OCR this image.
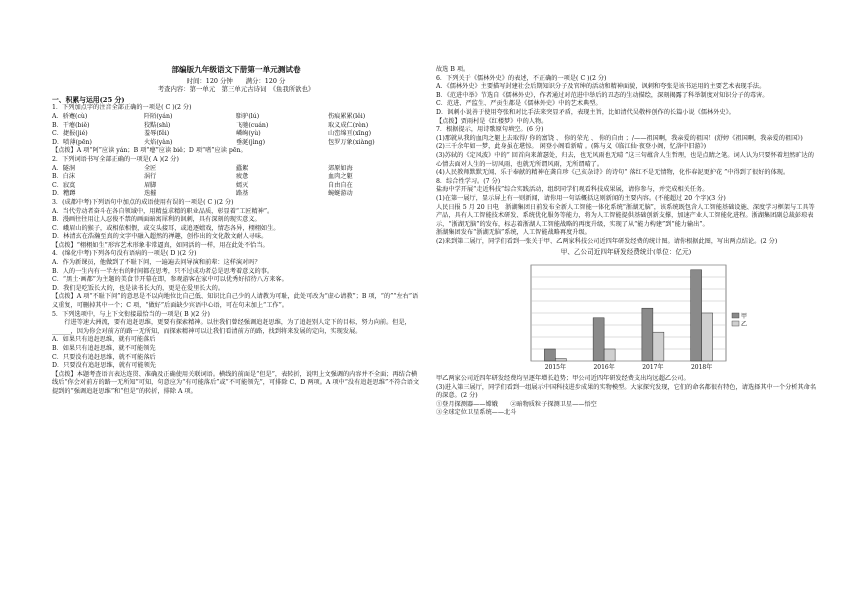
部编版九年级语文下册第一单元测试卷
时间：120 分钟　　满分：120 分
考查内容：第一单元　第三单元古诗词　《鱼我所欲也》
一、积累与运用(25 分)

1．下列加点字的注音全部正确的一项是( C )(2 分)

A．骄蹇(cù)	阡陌(yán)	駏驴(lú)	伤痕累累(lěi)
B．干瘪(biě)	狡黠(shì)	飞驰(cuán)	取义成仁(rèn)
C．捷报(jié)	羞辱(fěi)	嶙峋(yù)	山峦绵亘(xīng)
D．喷薄(pēn)	火焰(yàn)	垂涎(jìng)	包罗万象(xiàng)

【点拨】A 项“阿”应读 yán；B 项“瘪”应读 biě；D 项“嗜”应读 pēn。

2．下列词语书写全部正确的一项是( A )(2 分)

A．隧洞	全匠	蠹絮	郊原如海
B．白沫	涡行	疲惫	血肉之躯
C．寂寞	眉脚	嫣灭	自由自在
D．糟蹲	迭摧	路基	蜿蜒游动

3．(成都中考)下列语句中加点的成语使用有误的一项是( C )(2 分)

A．当代劳动者奋斗在各自领域中，用精益求精的职业品质，彰显着“工匠精神”。

B．漫画往往用让人忍俊不禁的画面暗寓犀利的讽刺，具有深刻的现实意义。

C．峨眉山的猴子，或相依相偎，或交头接耳，或追逐嬉戏，情态各异，栩栩如生。

D．林清玄在浩瀚至真的文字中融入超然的禅趣，创作出的文化散文耐人寻味。

【点拨】“栩栩如生”形容艺术形象非常逼真，如同活的一样，用在此处不恰当。

4．(绵化中考)下列各句没有语病的一项是( D )(2 分)

A．作为新课员，他做到了不耻下问，一遍遍去问导演和前辈：这样演对吗？

B．人的一生内有一半左右的时间都在思考，只不过成功者总是思考着意义的事。

C．“黑土·画都”为主题的美食节开幕在即，参观游客在家中可以优秀好招待八方来客。

D．我们是吃饭长大的，也是读书长大的，更是在爱里长大的。

【点拨】A 项“不耻下问”的意思是不以向地位比自己低、知识比自己少的人请教为可耻，此处可改为“虚心请教”；B 项，“的”“左右”语义重复，可删掉其中一个；C 项，“做好”后面缺少宾语中心语，可在句末加上“工作”。

5．下列选项中，与上下文衔接最恰当的一项是( B )(2 分)

　　行进等速大洲流，要有追赶思维，更要有探索精神。以往我们曾经强调追赶思维，为了追赶别人定下的目标，努力向前。但是，______，因为你会对前方的路一无所知，而探索精神可以让我们看清前方的路，找到将来发展的定向，实现发展。

A．如果只有追赶思维，就有可能落后

B．如果只有追赶思维，就不可能领先

C．只要没有追赶思维，就不可能落后

D．只要没有追赶思维，就有可能领先

【点拨】本题考查语言表达连贯、准确及正确使用关联词语。横线的前面是“但是”，表转折，说明上文强调的内容并不全面；再结合横线后“你会对前方的路一无所知”可知，句意应为“有可能落后”或“不可能领先”，可排除 C、D 两项。A 项中“没有追赶思维”不符合语文提到的“强调追赶思维”和“但是”的转折，排除 A 项。

故选 B 项。

6．下列关于《儒林外史》的表述，不正确的一项是( C )(2 分)

A．《儒林外史》主要描写封建社会后期知识分子及官绅的活动和精神面貌，讽刺和夸张是该书运用的主要艺术表现手法。

B．《范进中举》节选自《儒林外史》，作者通过对范进中举后的丑态的生动描绘，深刻揭露了科举制度对知识分子的毒害。

C．范进、严监生、严贡生都是《儒林外史》中的艺术典型。

D．讽刺小说善于使用夸张和对比手法来突显矛盾，表现主旨，比如清代吴敬梓创作的长篇小说《儒林外史》。

【点拨】贾雨村是《红楼梦》中的人物。

7．根据提示，用诗歌原句填空。(6 分)

(1)那就从我的血肉之躯上去取得/ 你的富饶 、 你的荣光 、 你的自由 ；/——祖国啊，我亲爱的祖国！(舒婷《祖国啊，我亲爱的祖国》)

(2)三千余年如一梦，此身虽在堪惊。 闲登小阁看新晴 。(陈与义《临江仙·夜登小阁，忆洛中旧游》)

(3)苏轼的《定风波》中的“ 回首向来萧瑟处，归去，也无风雨也无晴 ”这三句蕴含人生哲理，也是点睛之笔。词人认为只要怀着坦然旷达的心情去面对人生的一切风雨，也就无所谓风雨，无所谓晴了。

(4)人民教师默默无闻、乐于奉献的精神在龚自珍《己亥杂诗》的诗句“ 落红不是无情物，化作春泥更护花 ”中得到了很好的体现。

8．综合性学习。(7 分)

盐海中学开展“走近科技”综合实践活动，组织同学们观看科技成果展，请你参与，并完成相关任务。

(1)在第一展厅，显示屏上有一则新闻，请你用一句话概括这则新闻的主要内容。(不能超过 20 个字)(3 分)

人民日报 5 月 20 日电　浙湖集团日前发布全新人工智能一体化系统“浙湖无脑”，该系统既包含人工智能基础设施、深度学习框架与工具等产品，具有人工智能技术研发、系统优化服务等能力，将为人工智能提供基础创新支撑，加速产业人工智能化进程。浙湖集团副总裁彭琼表示，“浙湖无脑”的发布，标志着浙湖人工智能战略的再度升级，实现了从“能力构建”到“能力输出”。

浙湖集团发布“浙湖无脑”系统，人工智能战略再度升级。

(2)来到第二展厅，同学们看到一张关于甲、乙两家科技公司近四年研发经费的统计图。请你根据此图，写出两点结论。(2 分)

甲、乙公司近四年研发经费统计(单位：亿元)
2015年	2016年	2017年	2018年
甲
乙

甲乙两家公司近四年研发经费均呈逐年增长趋势；甲公司近四年研发经费支出均远超乙公司。

(3)进入第三展厅，同学们看到一组展示中国科技进步成果的实物模型。大家探究发现，它们的命名都很有特色，请选择其中一个分析其命名的深意。(2 分)

①登月探测器——嫦娥　　②暗物质粒子探测卫星——悟空

③全球定位卫星系统——北斗
